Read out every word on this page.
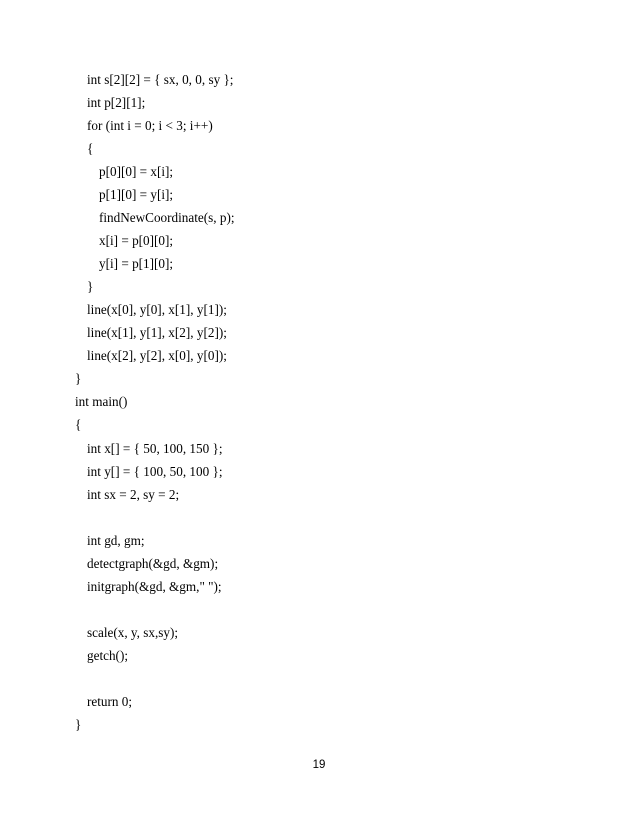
int s[2][2] = { sx, 0, 0, sy };
int p[2][1];
for (int i = 0; i < 3; i++)
{
p[0][0] = x[i];
p[1][0] = y[i];
findNewCoordinate(s, p);
x[i] = p[0][0];
y[i] = p[1][0];
}
line(x[0], y[0], x[1], y[1]);
line(x[1], y[1], x[2], y[2]);
line(x[2], y[2], x[0], y[0]);
}
int main()
{
int x[] = { 50, 100, 150 };
int y[] = { 100, 50, 100 };
int sx = 2, sy = 2;
int gd, gm;
detectgraph(&gd, &gm);
initgraph(&gd, &gm," ");
scale(x, y, sx,sy);
getch();
return 0;
}
19
